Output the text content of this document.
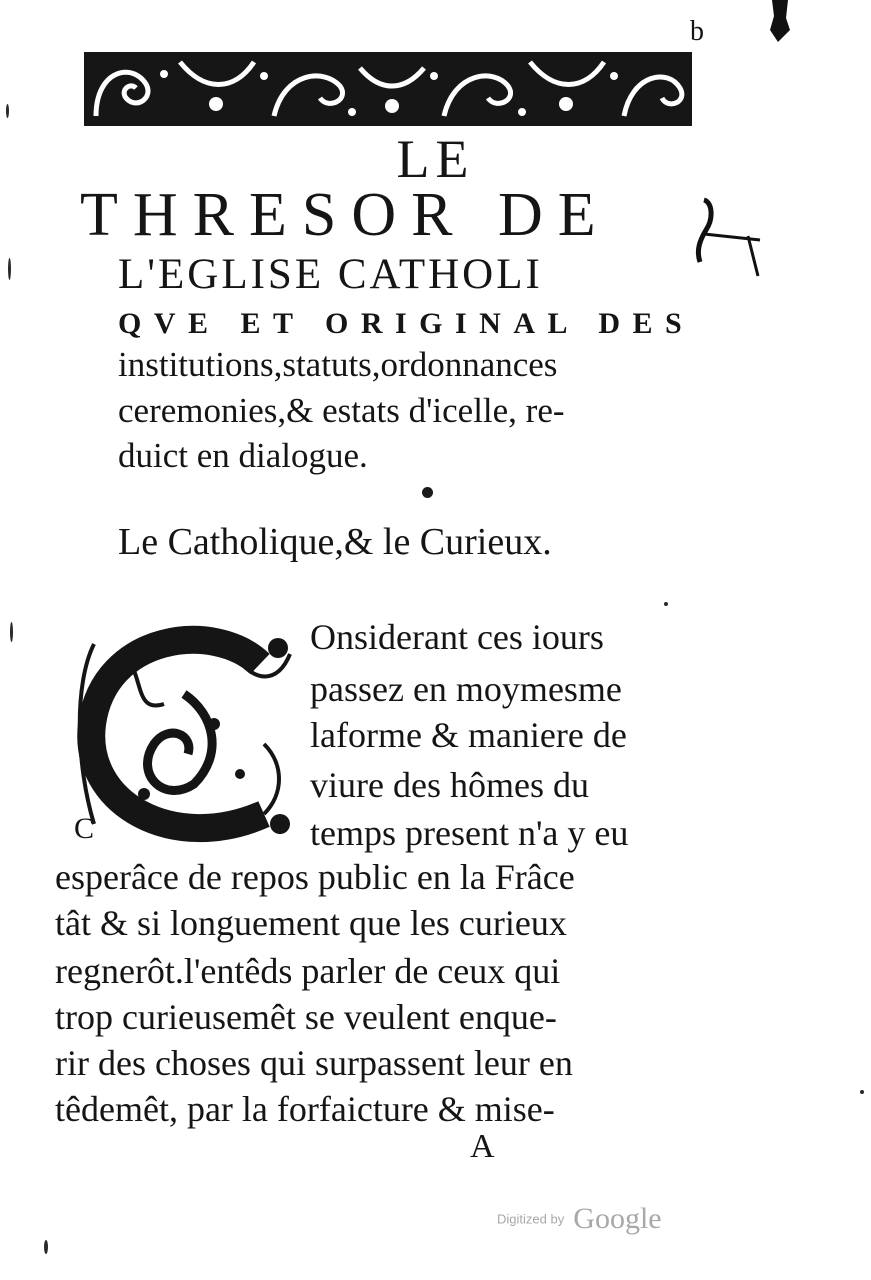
b
LE
THRESOR DE
L'EGLISE CATHOLI
QVE ET ORIGINAL DES
institutions,statuts,ordonnances
ceremonies,& estats d'icelle, re-
duict en dialogue.
Le Catholique,& le Curieux.
C
Onsiderant ces iours
passez en moymesme
laforme & maniere de
viure des hômes du
temps present n'a y eu
esperâce de repos public en la Frâce
tât & si longuement que les curieux
regnerôt.l'entêds parler de ceux qui
trop curieusemêt se veulent enque-
rir des choses qui surpassent leur en
têdemêt, par la forfaicture & mise-
A
Digitized by Google
